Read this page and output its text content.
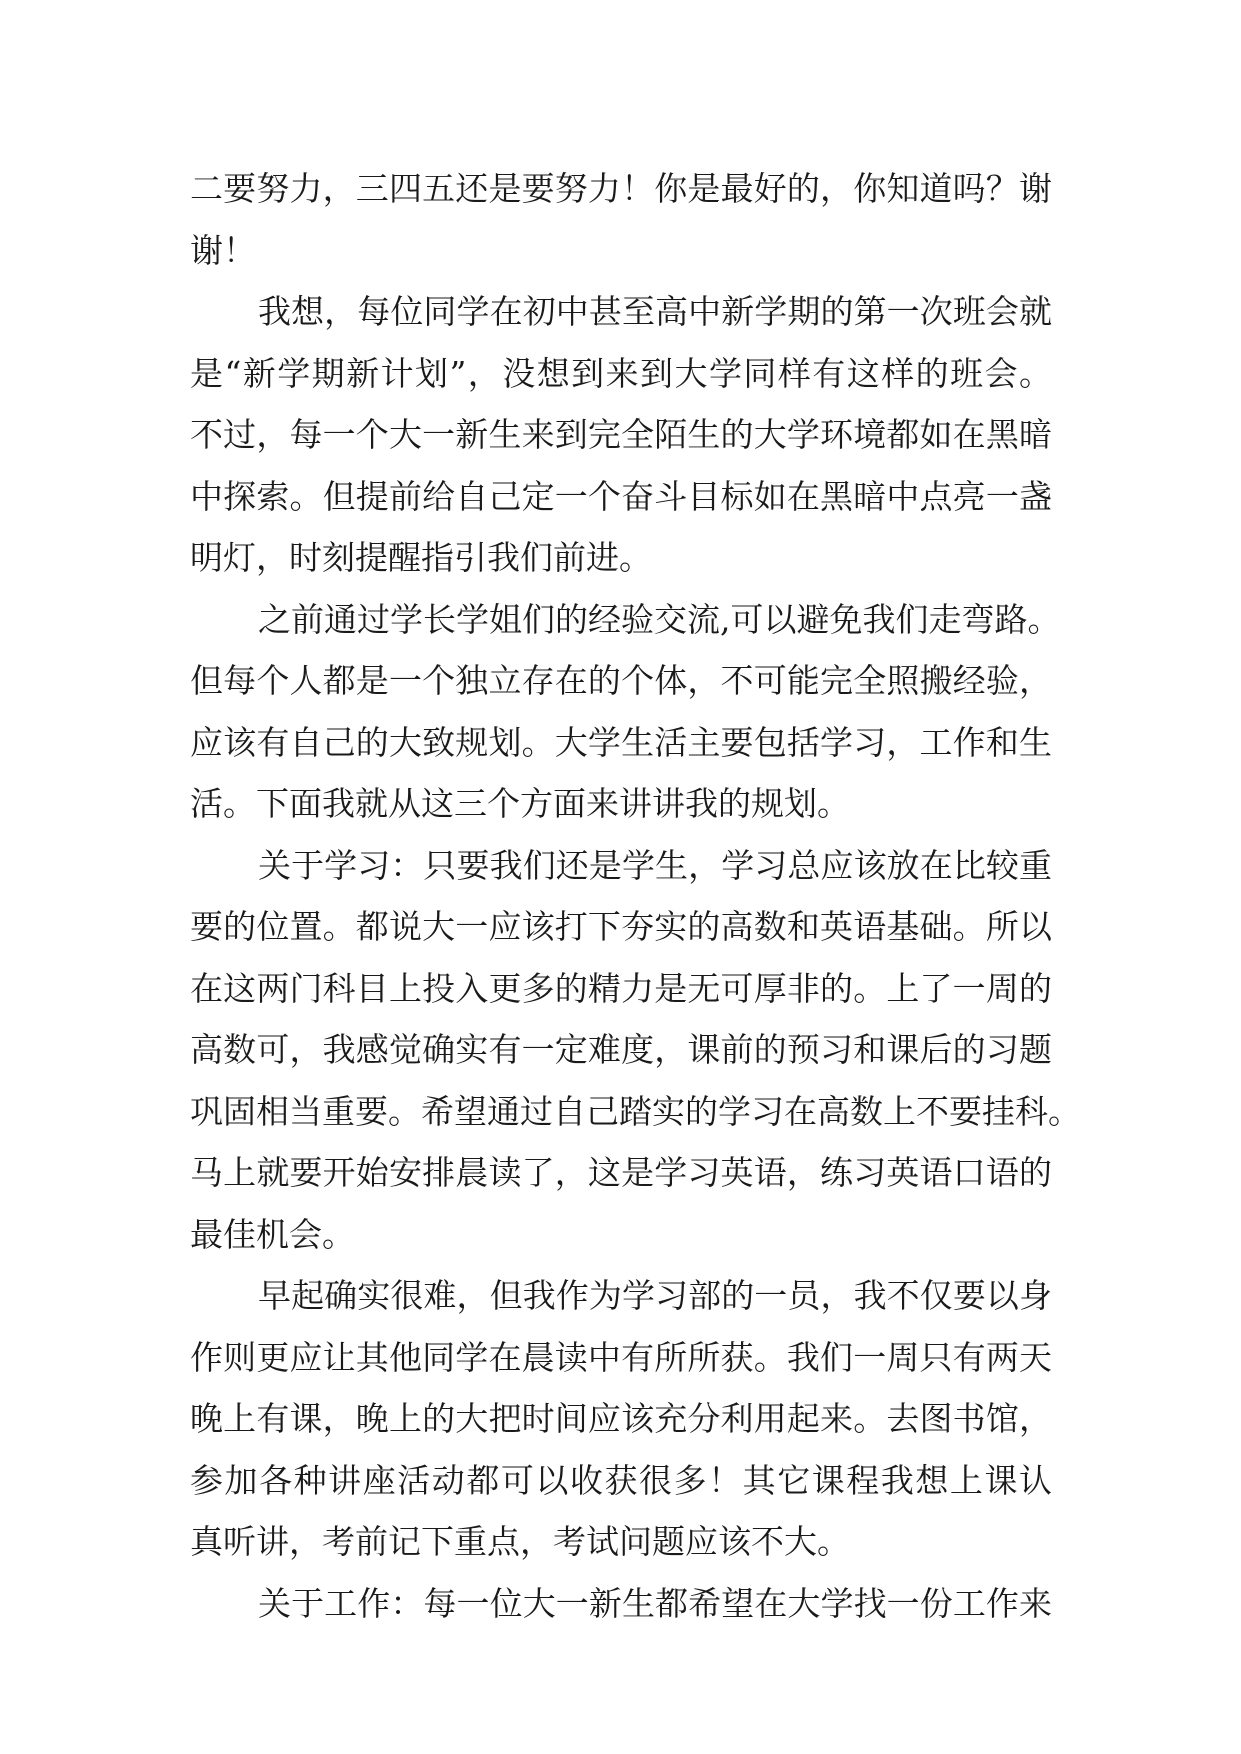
二要努力，三四五还是要努力！你是最好的，你知道吗？谢
谢！
我想，每位同学在初中甚至高中新学期的第一次班会就
是“新学期新计划”，没想到来到大学同样有这样的班会。
不过，每一个大一新生来到完全陌生的大学环境都如在黑暗
中探索。但提前给自己定一个奋斗目标如在黑暗中点亮一盏
明灯，时刻提醒指引我们前进。
之前通过学长学姐们的经验交流,可以避免我们走弯路。
但每个人都是一个独立存在的个体，不可能完全照搬经验，
应该有自己的大致规划。大学生活主要包括学习，工作和生
活。下面我就从这三个方面来讲讲我的规划。
关于学习：只要我们还是学生，学习总应该放在比较重
要的位置。都说大一应该打下夯实的高数和英语基础。所以
在这两门科目上投入更多的精力是无可厚非的。上了一周的
高数可，我感觉确实有一定难度，课前的预习和课后的习题
巩固相当重要。希望通过自己踏实的学习在高数上不要挂科。
马上就要开始安排晨读了，这是学习英语，练习英语口语的
最佳机会。
早起确实很难，但我作为学习部的一员，我不仅要以身
作则更应让其他同学在晨读中有所所获。我们一周只有两天
晚上有课，晚上的大把时间应该充分利用起来。去图书馆，
参加各种讲座活动都可以收获很多！其它课程我想上课认
真听讲，考前记下重点，考试问题应该不大。
关于工作：每一位大一新生都希望在大学找一份工作来
